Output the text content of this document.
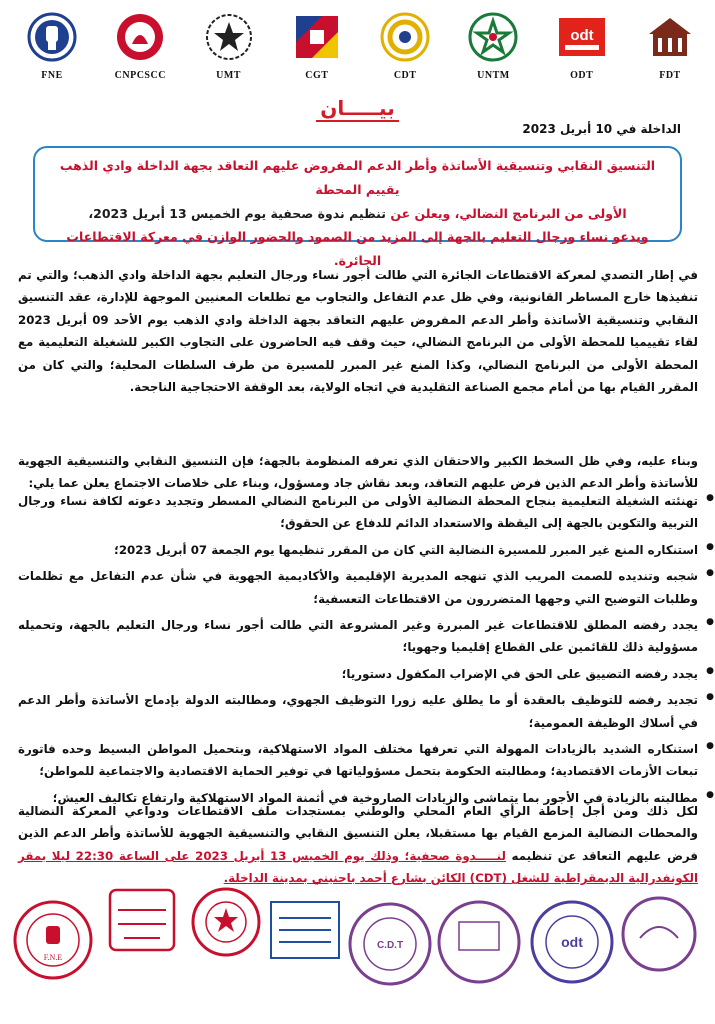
FNE	CNPCSCC	UMT	CGT	CDT	UNTM
odt
ODT	FDT
بيـــــان
الداخلة في 10 أبريل 2023
التنسيق النقابي وتنسيقية الأساتذة وأطر الدعم المفروض عليهم التعاقد بجهة الداخلة وادي الذهب يقييم المحطة
الأولى من البرنامج النضالي، ويعلن عن تنظيم ندوة صحفية يوم الخميس 13 أبريل 2023،
ويدعو نساء ورجال التعليم بالجهة إلى المزيد من الصمود والحضور الوازن في معركة الاقتطاعات الجائرة.
في إطار التصدي لمعركة الاقتطاعات الجائرة التي طالت أجور نساء ورجال التعليم بجهة الداخلة وادي الذهب؛ والتي تم تنفيذها خارج المساطر القانونية، وفي ظل عدم التفاعل والتجاوب مع تطلعات المعنيين الموجهة للإدارة، عقد التنسيق النقابي وتنسيقية الأساتذة وأطر الدعم المفروض عليهم التعاقد بجهة الداخلة وادي الذهب يوم الأحد 09 أبريل 2023 لقاء تقييميا للمحطة الأولى من البرنامج النضالي، حيث وقف فيه الحاضرون على التجاوب الكبير للشغيلة التعليمية مع المحطة الأولى من البرنامج النضالي، وكذا المنع غير المبرر للمسيرة من طرف السلطات المحلية؛ والتي كان من المقرر القيام بها من أمام مجمع الصناعة التقليدية في اتجاه الولاية، بعد الوقفة الاحتجاجية الناجحة.
وبناء عليه، وفي ظل السخط الكبير والاحتقان الذي تعرفه المنظومة بالجهة؛ فإن التنسيق النقابي والتنسيقية الجهوية للأساتذة وأطر الدعم الذين فرض عليهم التعاقد، وبعد نقاش جاد ومسؤول، وبناء على خلاصات الاجتماع يعلن عما يلي:
● تهنئته الشغيلة التعليمية بنجاح المحطة النضالية الأولى من البرنامج النضالي المسطر وتجديد دعوته لكافة نساء ورجال التربية والتكوين بالجهة إلى اليقظة والاستعداد الدائم للدفاع عن الحقوق؛
● استنكاره المنع غير المبرر للمسيرة النضالية التي كان من المقرر تنظيمها يوم الجمعة 07 أبريل 2023؛
● شجبه وتنديده للصمت المريب الذي تنهجه المديرية الإقليمية والأكاديمية الجهوية في شأن عدم التفاعل مع تظلمات وطلبات التوضيح التي وجهها المتضررون من الاقتطاعات التعسفية؛
● يجدد رفضه المطلق للاقتطاعات غير المبررة وغير المشروعة التي طالت أجور نساء ورجال التعليم بالجهة، وتحميله مسؤولية ذلك للقائمين على القطاع إقليميا وجهويا؛
● يجدد رفضه التضييق على الحق في الإضراب المكفول دستوريا؛
● تجديد رفضه للتوظيف بالعقدة أو ما يطلق عليه زورا التوظيف الجهوي، ومطالبته الدولة بإدماج الأساتذة وأطر الدعم في أسلاك الوظيفة العمومية؛
● استنكاره الشديد بالزيادات المهولة التي تعرفها مختلف المواد الاستهلاكية، وبتحميل المواطن البسيط وحده فاتورة تبعات الأزمات الاقتصادية؛ ومطالبته الحكومة بتحمل مسؤولياتها في توفير الحماية الاقتصادية والاجتماعية للمواطن؛
● مطالبته بالزيادة في الأجور بما يتماشى والزيادات الصاروخية في أثمنة المواد الاستهلاكية وارتفاع تكاليف العيش؛
لكل ذلك ومن أجل إحاطة الرأي العام المحلي والوطني بمستجدات ملف الاقتطاعات ودواعي المعركة النضالية والمحطات النضالية المزمع القيام بها مستقبلا، يعلن التنسيق النقابي والتنسيقية الجهوية للأساتذة وأطر الدعم الذين فرض عليهم التعاقد عن تنظيمه لنـــــدوة صحفية؛ وذلك يوم الخميس 13 أبريل 2023 على الساعة 22:30 ليلا بمقر الكونفدرالية الديمقراطية للشغل (CDT) الكائن بشارع أحمد باحنيني بمدينة الداخلة.
F.N.E
C.D.T	odt
